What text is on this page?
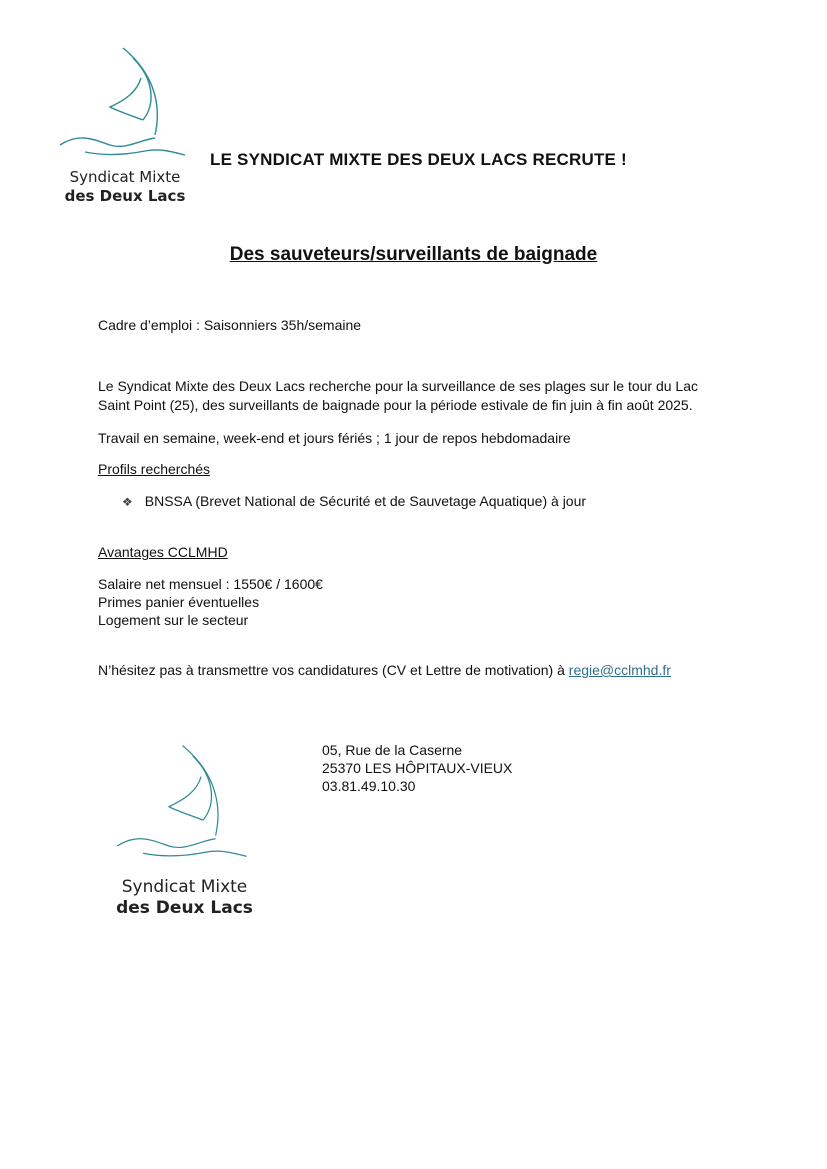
Syndicat Mixte
des Deux Lacs
LE SYNDICAT MIXTE DES DEUX LACS RECRUTE !
Des sauveteurs/surveillants de baignade
Cadre d’emploi : Saisonniers 35h/semaine
Le Syndicat Mixte des Deux Lacs recherche pour la surveillance de ses plages sur le tour du Lac
Saint Point (25), des surveillants de baignade pour la période estivale de fin juin à fin août 2025.
Travail en semaine, week-end et jours fériés ; 1 jour de repos hebdomadaire
Profils recherchés
❖ BNSSA (Brevet National de Sécurité et de Sauvetage Aquatique) à jour
Avantages CCLMHD
Salaire net mensuel : 1550€ / 1600€
Primes panier éventuelles
Logement sur le secteur
N’hésitez pas à transmettre vos candidatures (CV et Lettre de motivation) à regie@cclmhd.fr
Syndicat Mixte
des Deux Lacs
05, Rue de la Caserne
25370 LES HÔPITAUX-VIEUX
03.81.49.10.30
